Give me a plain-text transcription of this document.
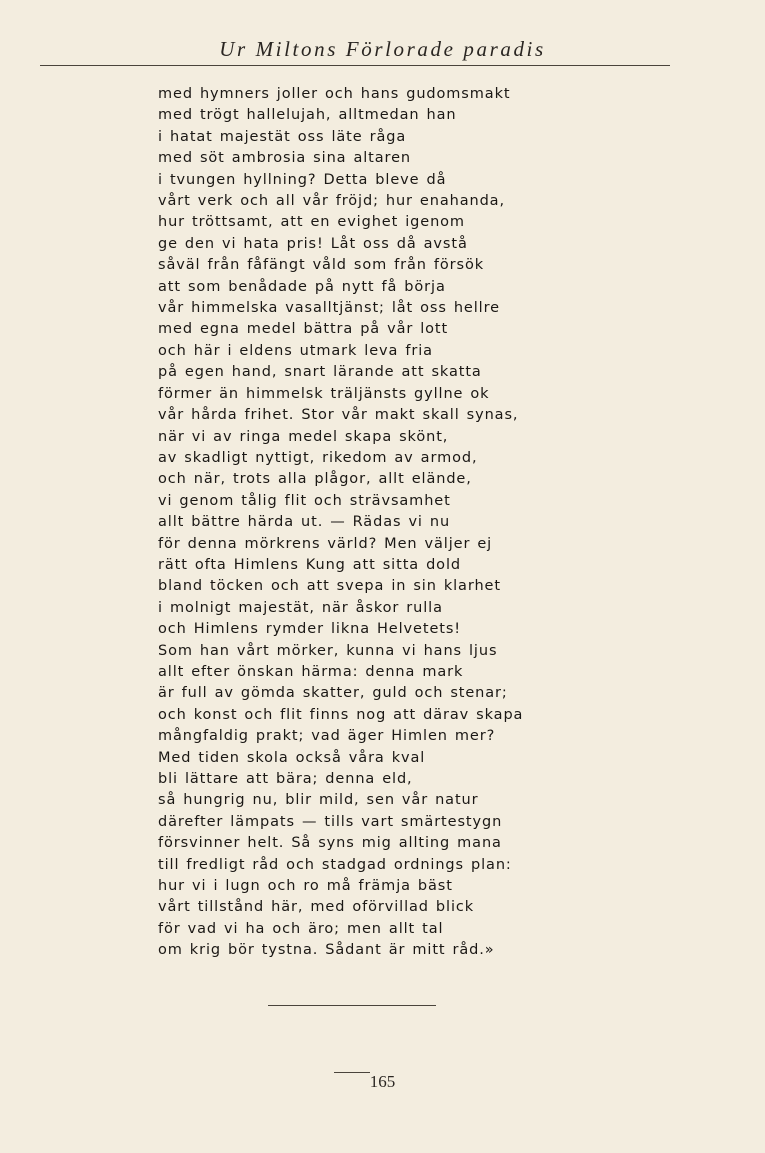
Ur Miltons Förlorade paradis
med hymners joller och hans gudomsmakt
med trögt hallelujah, alltmedan han
i hatat majestät oss läte råga
med söt ambrosia sina altaren
i tvungen hyllning? Detta bleve då
vårt verk och all vår fröjd; hur enahanda,
hur tröttsamt, att en evighet igenom
ge den vi hata pris! Låt oss då avstå
såväl från fåfängt våld som från försök
att som benådade på nytt få börja
vår himmelska vasalltjänst; låt oss hellre
med egna medel bättra på vår lott
och här i eldens utmark leva fria
på egen hand, snart lärande att skatta
förmer än himmelsk träljänsts gyllne ok
vår hårda frihet. Stor vår makt skall synas,
när vi av ringa medel skapa skönt,
av skadligt nyttigt, rikedom av armod,
och när, trots alla plågor, allt elände,
vi genom tålig flit och strävsamhet
allt bättre härda ut. — Rädas vi nu
för denna mörkrens värld? Men väljer ej
rätt ofta Himlens Kung att sitta dold
bland töcken och att svepa in sin klarhet
i molnigt majestät, när åskor rulla
och Himlens rymder likna Helvetets!
Som han vårt mörker, kunna vi hans ljus
allt efter önskan härma: denna mark
är full av gömda skatter, guld och stenar;
och konst och flit finns nog att därav skapa
mångfaldig prakt; vad äger Himlen mer?
Med tiden skola också våra kval
bli lättare att bära; denna eld,
så hungrig nu, blir mild, sen vår natur
därefter lämpats — tills vart smärtestygn
försvinner helt. Så syns mig allting mana
till fredligt råd och stadgad ordnings plan:
hur vi i lugn och ro må främja bäst
vårt tillstånd här, med oförvillad blick
för vad vi ha och äro; men allt tal
om krig bör tystna. Sådant är mitt råd.»
165
